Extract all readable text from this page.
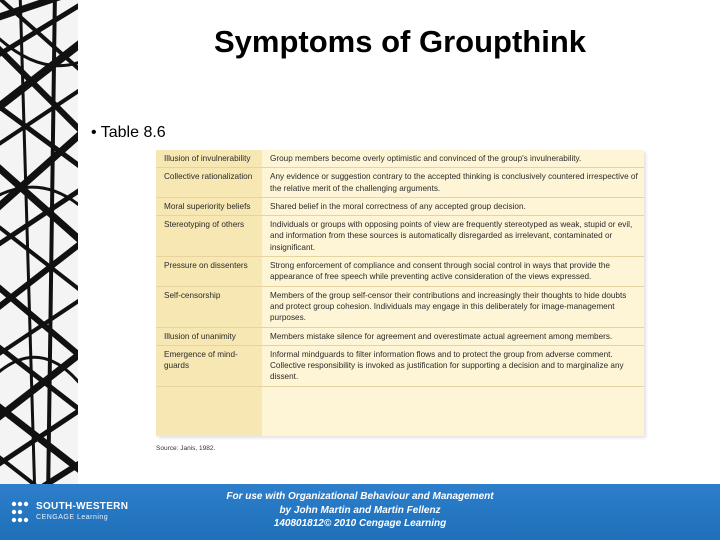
Symptoms of Groupthink
• Table 8.6
Illusion of invulnerability	Group members become overly optimistic and convinced of the group's invulnerability.
Collective rationalization	Any evidence or suggestion contrary to the accepted thinking is conclusively countered irrespective of the relative merit of the challenging arguments.
Moral superiority beliefs	Shared belief in the moral correctness of any accepted group decision.
Stereotyping of others	Individuals or groups with opposing points of view are frequently stereotyped as weak, stupid or evil, and information from these sources is automatically disregarded as irrelevant, contaminated or insignificant.
Pressure on dissenters	Strong enforcement of compliance and consent through social control in ways that provide the appearance of free speech while preventing active consideration of the views expressed.
Self-censorship	Members of the group self-censor their contributions and increasingly their thoughts to hide doubts and protect group cohesion. Individuals may engage in this deliberately for image-management purposes.
Illusion of unanimity	Members mistake silence for agreement and overestimate actual agreement among members.
Emergence of mind-guards	Informal mindguards to filter information flows and to protect the group from adverse comment. Collective responsibility is invoked as justification for supporting a decision and to marginalize any dissent.
Source: Janis, 1982.
SOUTH-WESTERN
CENGAGE Learning
For use with Organizational Behaviour and Management
by John Martin and Martin Fellenz
140801812© 2010 Cengage Learning
